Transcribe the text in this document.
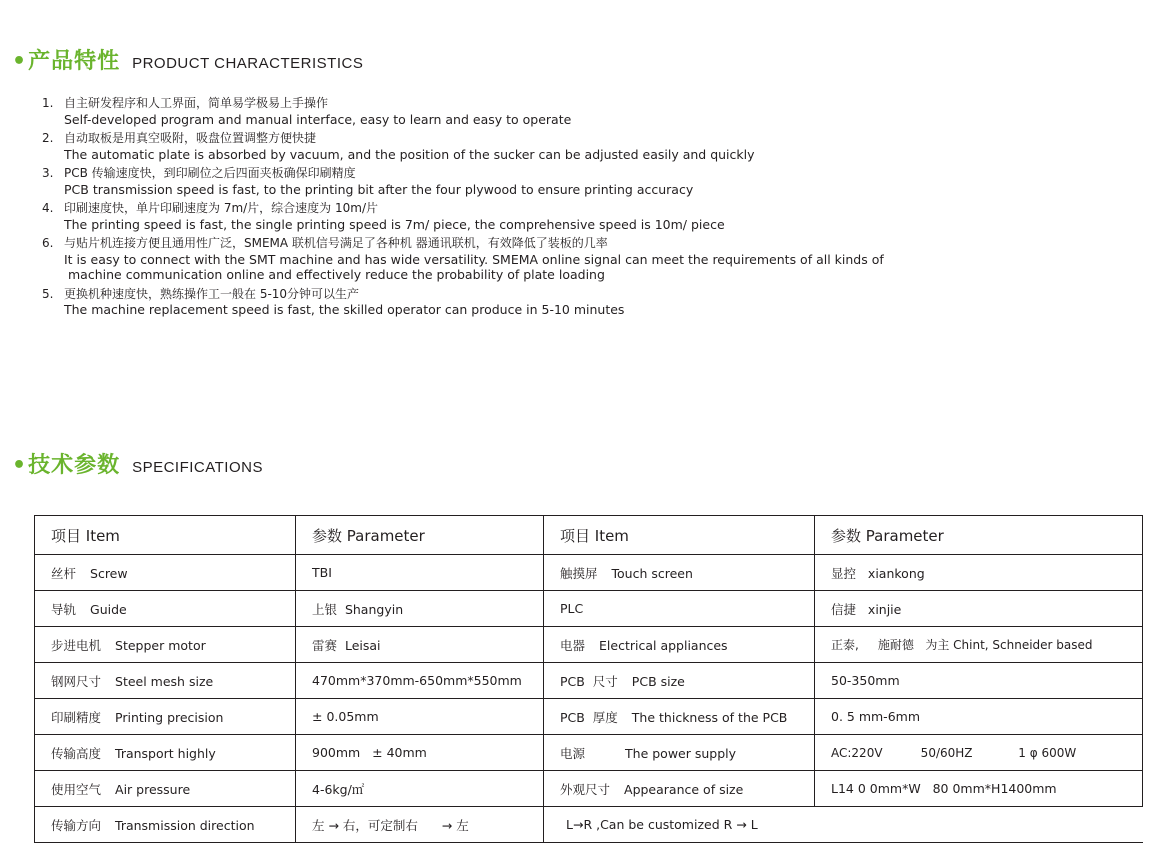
• 产品特性 PRODUCT CHARACTERISTICS
1. 自主研发程序和人工界面，简单易学极易上手操作
Self-developed program and manual interface, easy to learn and easy to operate
2. 自动取板是用真空吸附，吸盘位置调整方便快捷
The automatic plate is absorbed by vacuum, and the position of the sucker can be adjusted easily and quickly
3. PCB 传输速度快，到印刷位之后四面夹板确保印刷精度
PCB transmission speed is fast, to the printing bit after the four plywood to ensure printing accuracy
4. 印刷速度快，单片印刷速度为 7m/片，综合速度为 10m/片
The printing speed is fast, the single printing speed is 7m/ piece, the comprehensive speed is 10m/ piece
6. 与贴片机连接方便且通用性广泛，SMEMA 联机信号满足了各种机 器通讯联机，有效降低了装板的几率
It is easy to connect with the SMT machine and has wide versatility. SMEMA online signal can meet the requirements of all kinds of
machine communication online and effectively reduce the probability of plate loading
5. 更换机种速度快，熟练操作工一般在 5-10分钟可以生产
The machine replacement speed is fast, the skilled operator can produce in 5-10 minutes
• 技术参数 SPECIFICATIONS
项目 Item	参数 Parameter	项目 Item	参数 Parameter
丝杆 Screw	TBI	触摸屏 Touch screen	显控   xiankong
导轨 Guide	上银  Shangyin	PLC	信捷   xinjie
步进电机 Stepper motor	雷赛  Leisai	电器 Electrical appliances	正泰,     施耐德   为主 Chint, Schneider based
钢网尺寸 Steel mesh size	470mm*370mm-650mm*550mm	PCB  尺寸 PCB size	50-350mm
印刷精度 Printing precision	± 0.05mm	PCB  厚度 The thickness of the PCB	0. 5 mm-6mm
传输高度 Transport highly	900mm   ± 40mm	电源 The power supply	AC:220V          50/60HZ            1 φ 600W
使用空气 Air pressure	4-6kg/㎡	外观尺寸 Appearance of size	L14 0 0mm*W   80 0mm*H1400mm
传输方向 Transmission direction	左 → 右，可定制右      → 左	L→R ,Can be customized R → L	
